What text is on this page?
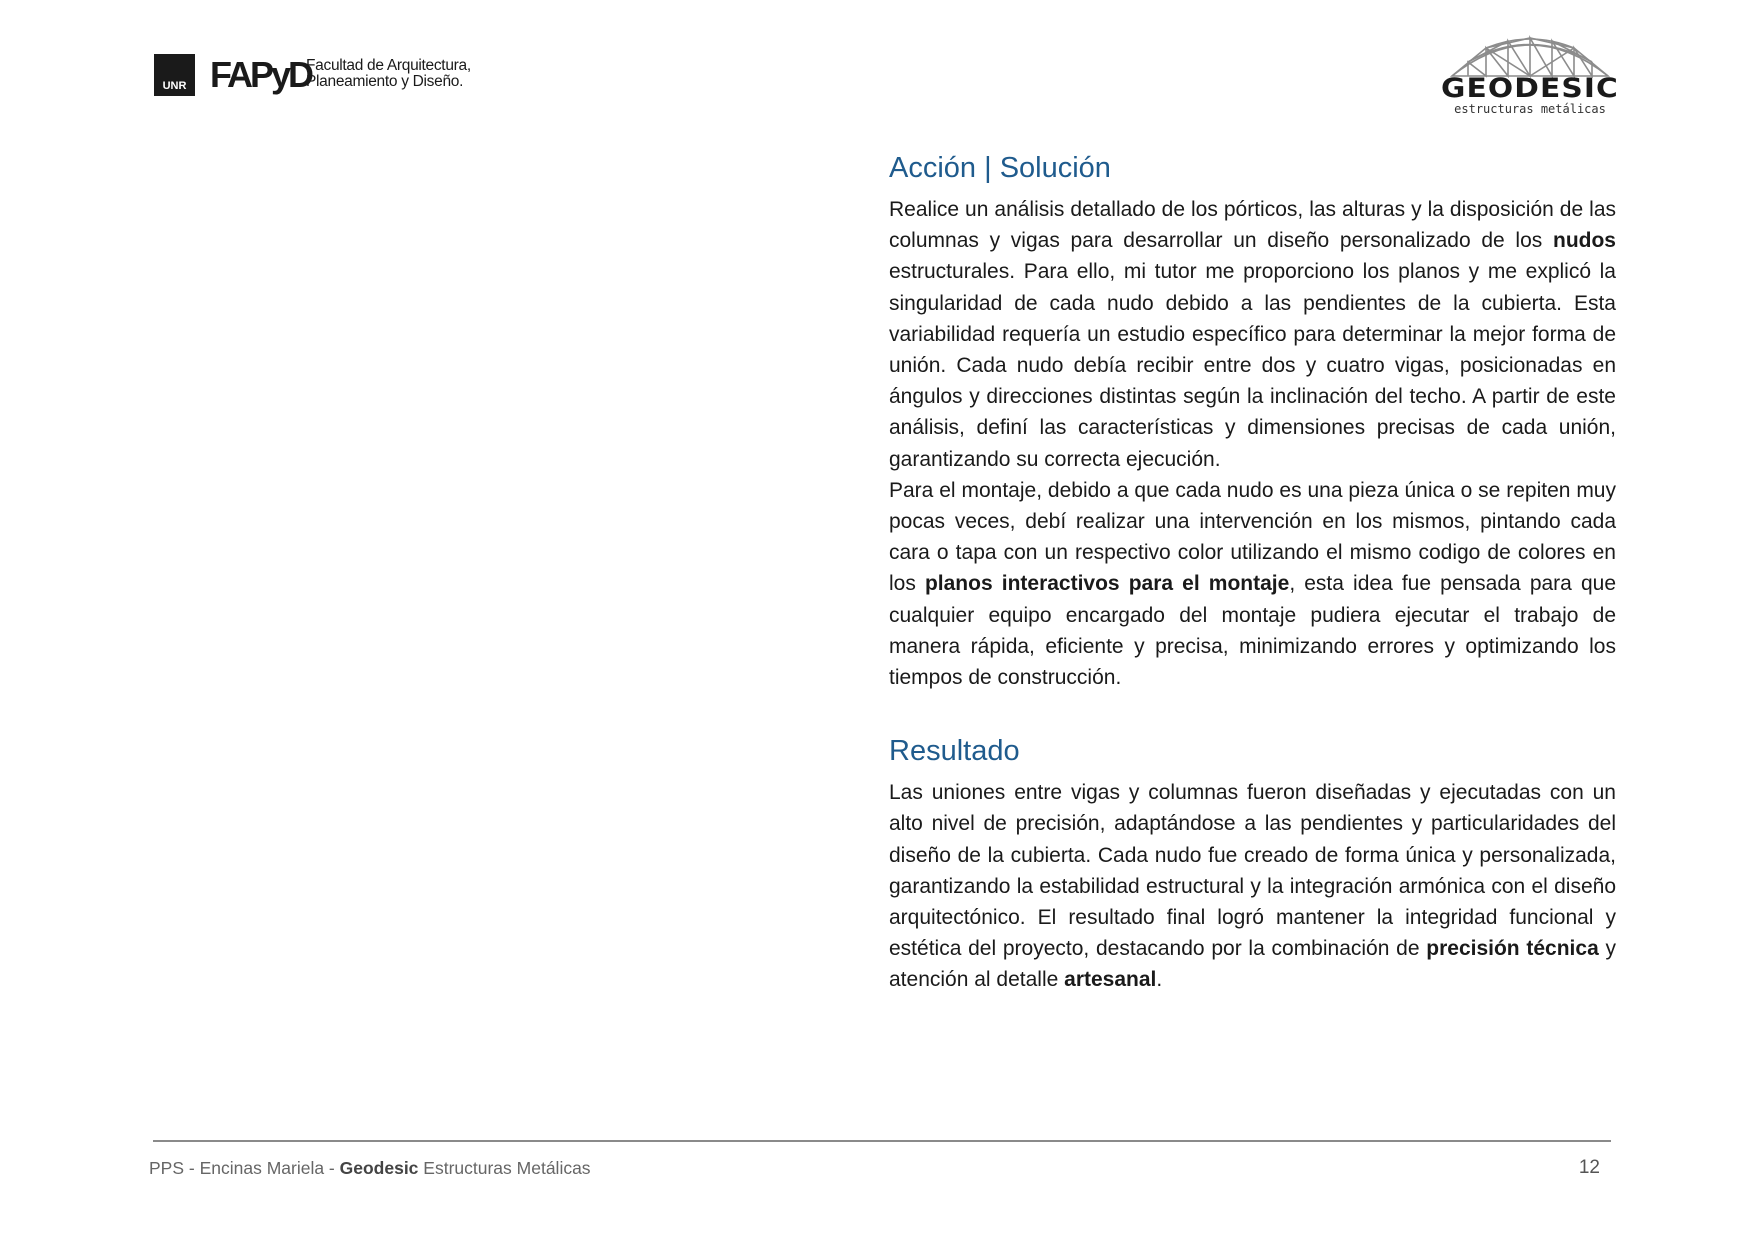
UNR FAPyD
Facultad de Arquitectura,
Planeamiento y Diseño.	GEODESIC
estructuras metálicas
Acción | Solución

Realice un análisis detallado de los pórticos, las alturas y la disposición de las columnas y vigas para desarrollar un diseño personalizado de los nudos estructurales. Para ello, mi tutor me proporciono los planos y me explicó la singularidad de cada nudo debido a las pendientes de la cubierta. Esta variabilidad requería un estudio específico para determinar la mejor forma de unión. Cada nudo debía recibir entre dos y cuatro vigas, posicionadas en ángulos y direcciones distintas según la inclinación del techo. A partir de este análisis, definí las características y dimensiones precisas de cada unión, garantizando su correcta ejecución.

Para el montaje, debido a que cada nudo es una pieza única o se repiten muy pocas veces, debí realizar una intervención en los mismos, pintando cada cara o tapa con un respectivo color utilizando el mismo codigo de colores en los planos interactivos para el montaje, esta idea fue pensada para que cualquier equipo encargado del montaje pudiera ejecutar el trabajo de manera rápida, eficiente y precisa, minimizando errores y optimizando los tiempos de construcción.

Resultado

Las uniones entre vigas y columnas fueron diseñadas y ejecutadas con un alto nivel de precisión, adaptándose a las pendientes y particularidades del diseño de la cubierta. Cada nudo fue creado de forma única y personalizada, garantizando la estabilidad estructural y la integración armónica con el diseño arquitectónico. El resultado final logró mantener la integridad funcional y estética del proyecto, destacando por la combinación de precisión técnica y atención al detalle artesanal.

PPS - Encinas Mariela - Geodesic Estructuras Metálicas	12
